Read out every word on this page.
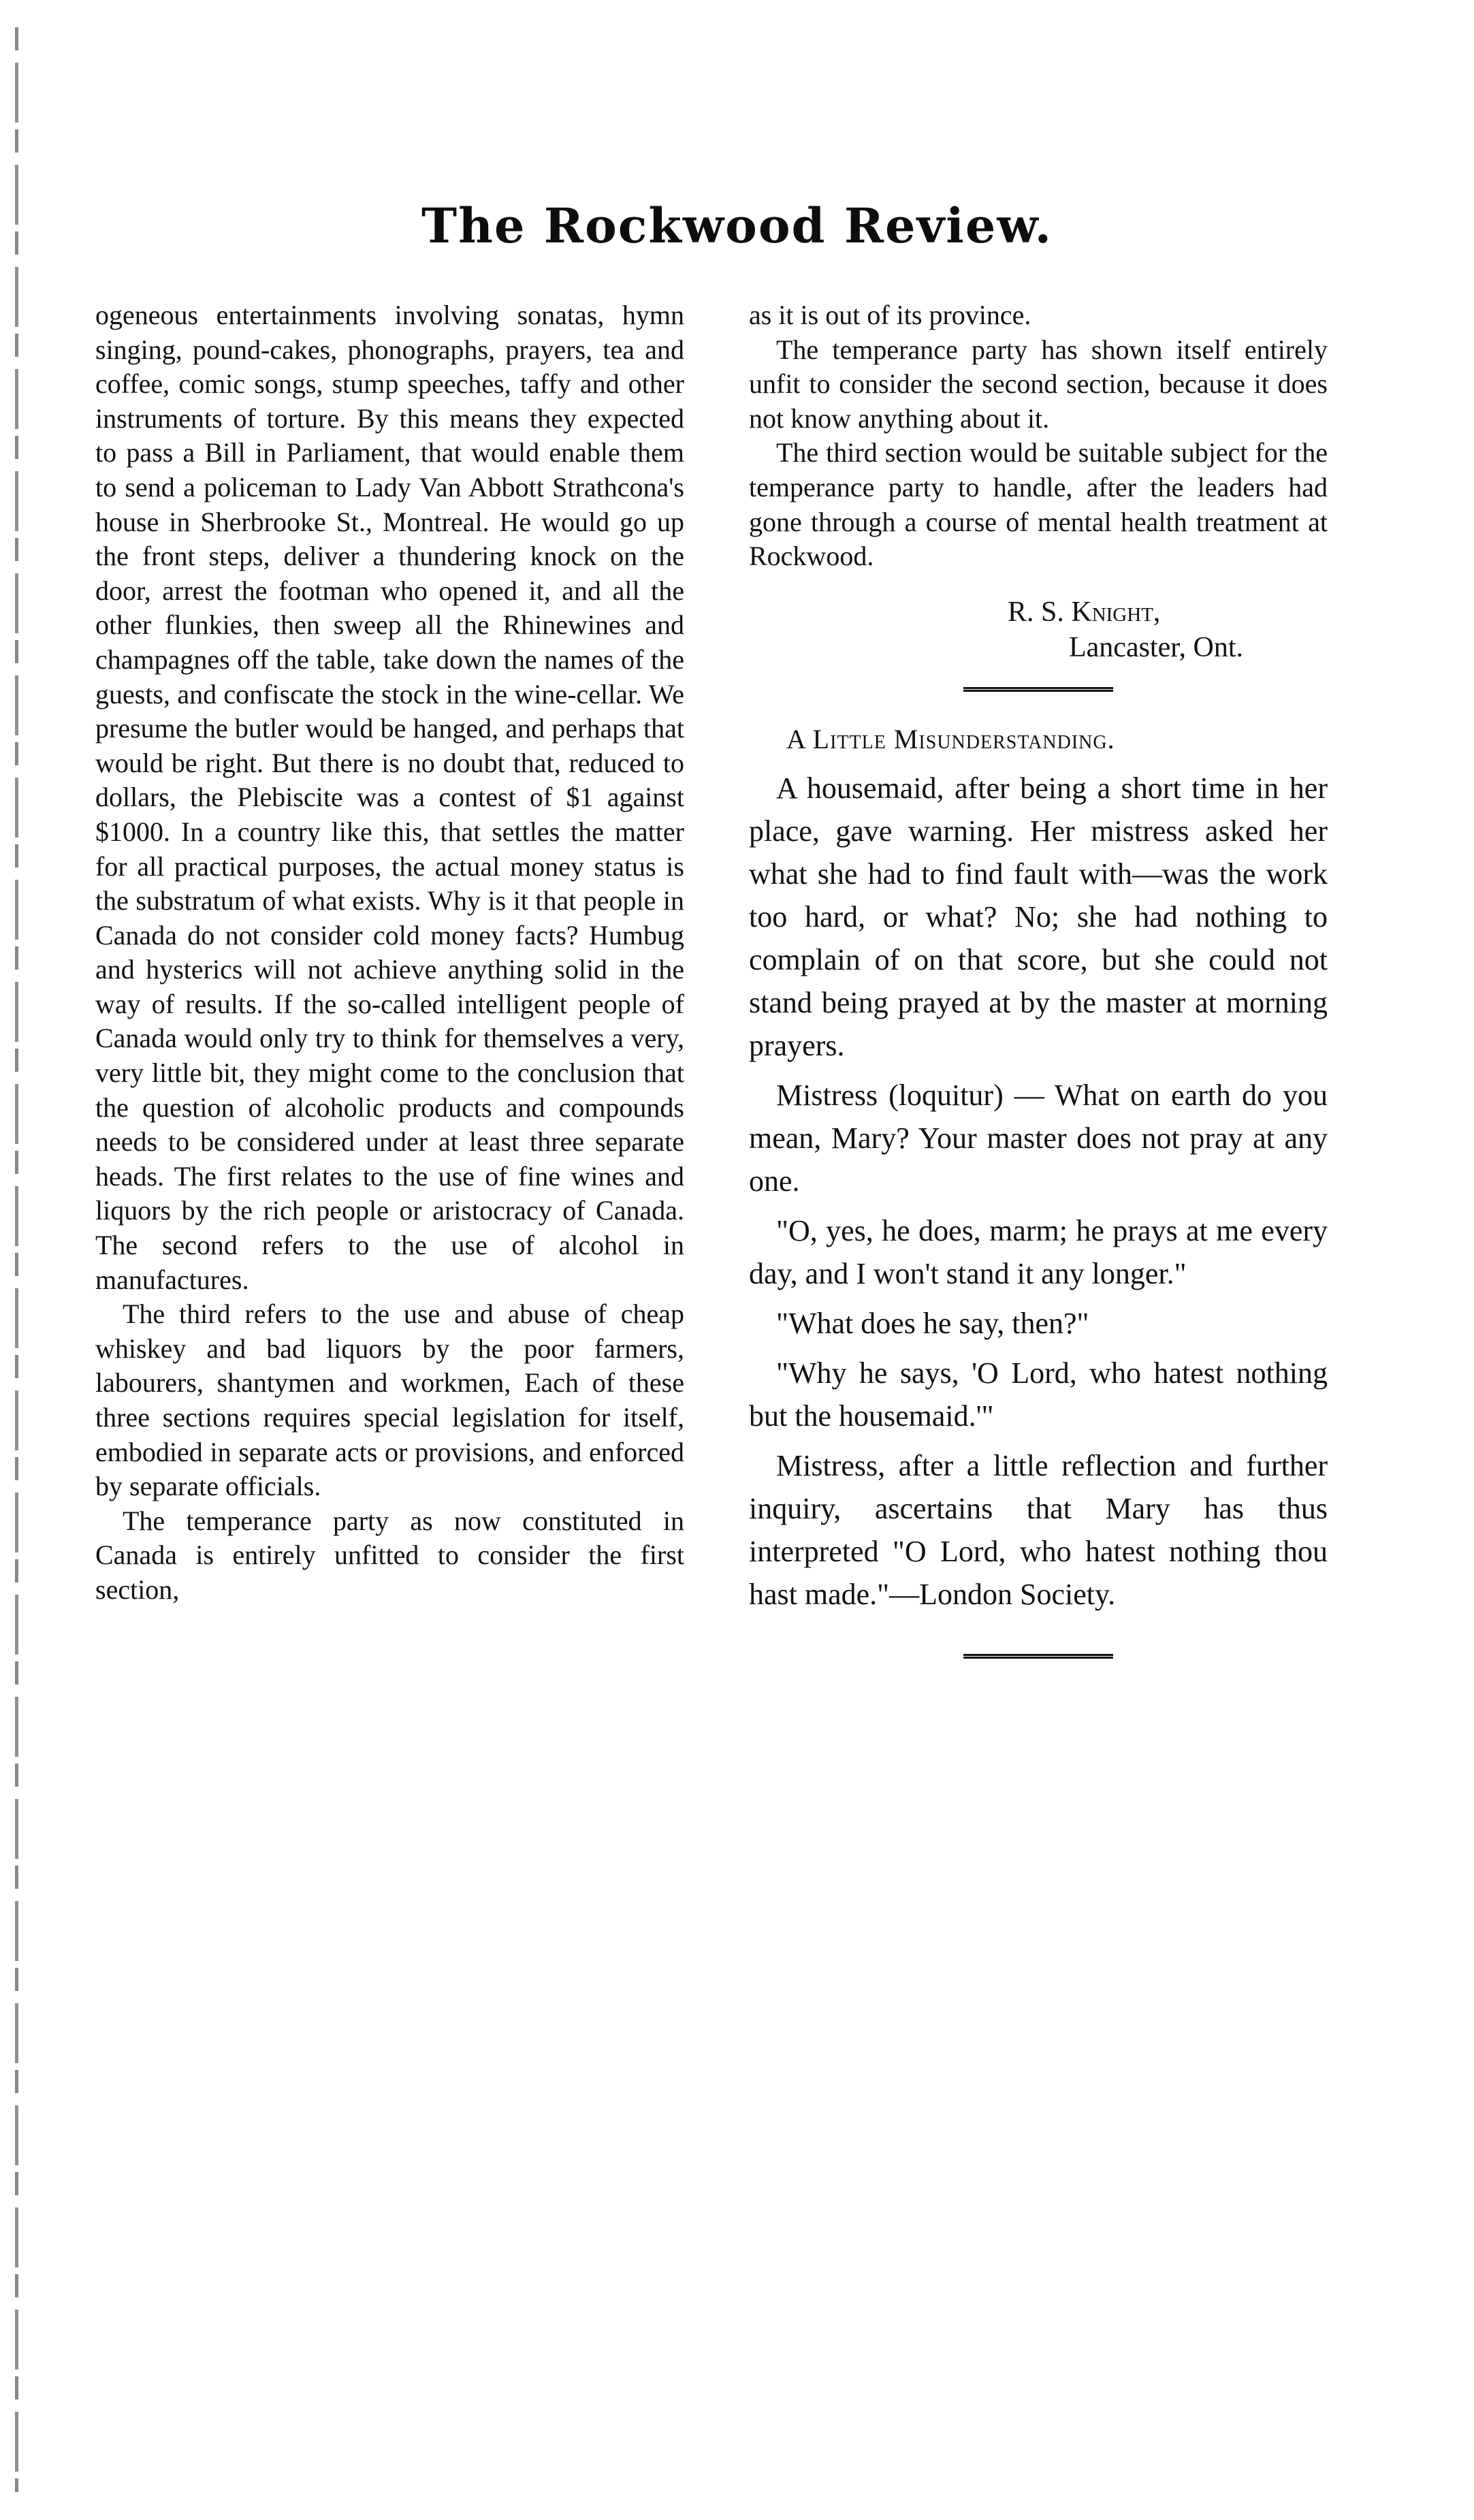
The Rockwood Review.

ogeneous entertainments involving sonatas, hymn singing, pound-cakes, phonographs, prayers, tea and coffee, comic songs, stump speeches, taffy and other instruments of torture. By this means they expected to pass a Bill in Parliament, that would enable them to send a policeman to Lady Van Abbott Strathcona's house in Sherbrooke St., Montreal. He would go up the front steps, deliver a thundering knock on the door, arrest the footman who opened it, and all the other flunkies, then sweep all the Rhinewines and champagnes off the table, take down the names of the guests, and confiscate the stock in the wine-cellar. We presume the butler would be hanged, and perhaps that would be right. But there is no doubt that, reduced to dollars, the Plebiscite was a contest of $1 against $1000. In a country like this, that settles the matter for all practical purposes, the actual money status is the substratum of what exists. Why is it that people in Canada do not consider cold money facts? Humbug and hysterics will not achieve anything solid in the way of results. If the so-called intelligent people of Canada would only try to think for themselves a very, very little bit, they might come to the conclusion that the question of alcoholic products and compounds needs to be considered under at least three separate heads. The first relates to the use of fine wines and liquors by the rich people or aristocracy of Canada. The second refers to the use of alcohol in manufactures.

The third refers to the use and abuse of cheap whiskey and bad liquors by the poor farmers, labourers, shantymen and workmen, Each of these three sections requires special legislation for itself, embodied in separate acts or provisions, and enforced by separate officials.

The temperance party as now constituted in Canada is entirely unfitted to consider the first section,

as it is out of its province.

The temperance party has shown itself entirely unfit to consider the second section, because it does not know anything about it.

The third section would be suitable subject for the temperance party to handle, after the leaders had gone through a course of mental health treatment at Rockwood.

R. S. Knight,
Lancaster, Ont.
A Little Misunderstanding.

A housemaid, after being a short time in her place, gave warning. Her mistress asked her what she had to find fault with—was the work too hard, or what? No; she had nothing to complain of on that score, but she could not stand being prayed at by the master at morning prayers.

Mistress (loquitur) — What on earth do you mean, Mary? Your master does not pray at any one.

"O, yes, he does, marm; he prays at me every day, and I won't stand it any longer."

"What does he say, then?"

"Why he says, 'O Lord, who hatest nothing but the housemaid.'"

Mistress, after a little reflection and further inquiry, ascertains that Mary has thus interpreted "O Lord, who hatest nothing thou hast made."—London Society.
